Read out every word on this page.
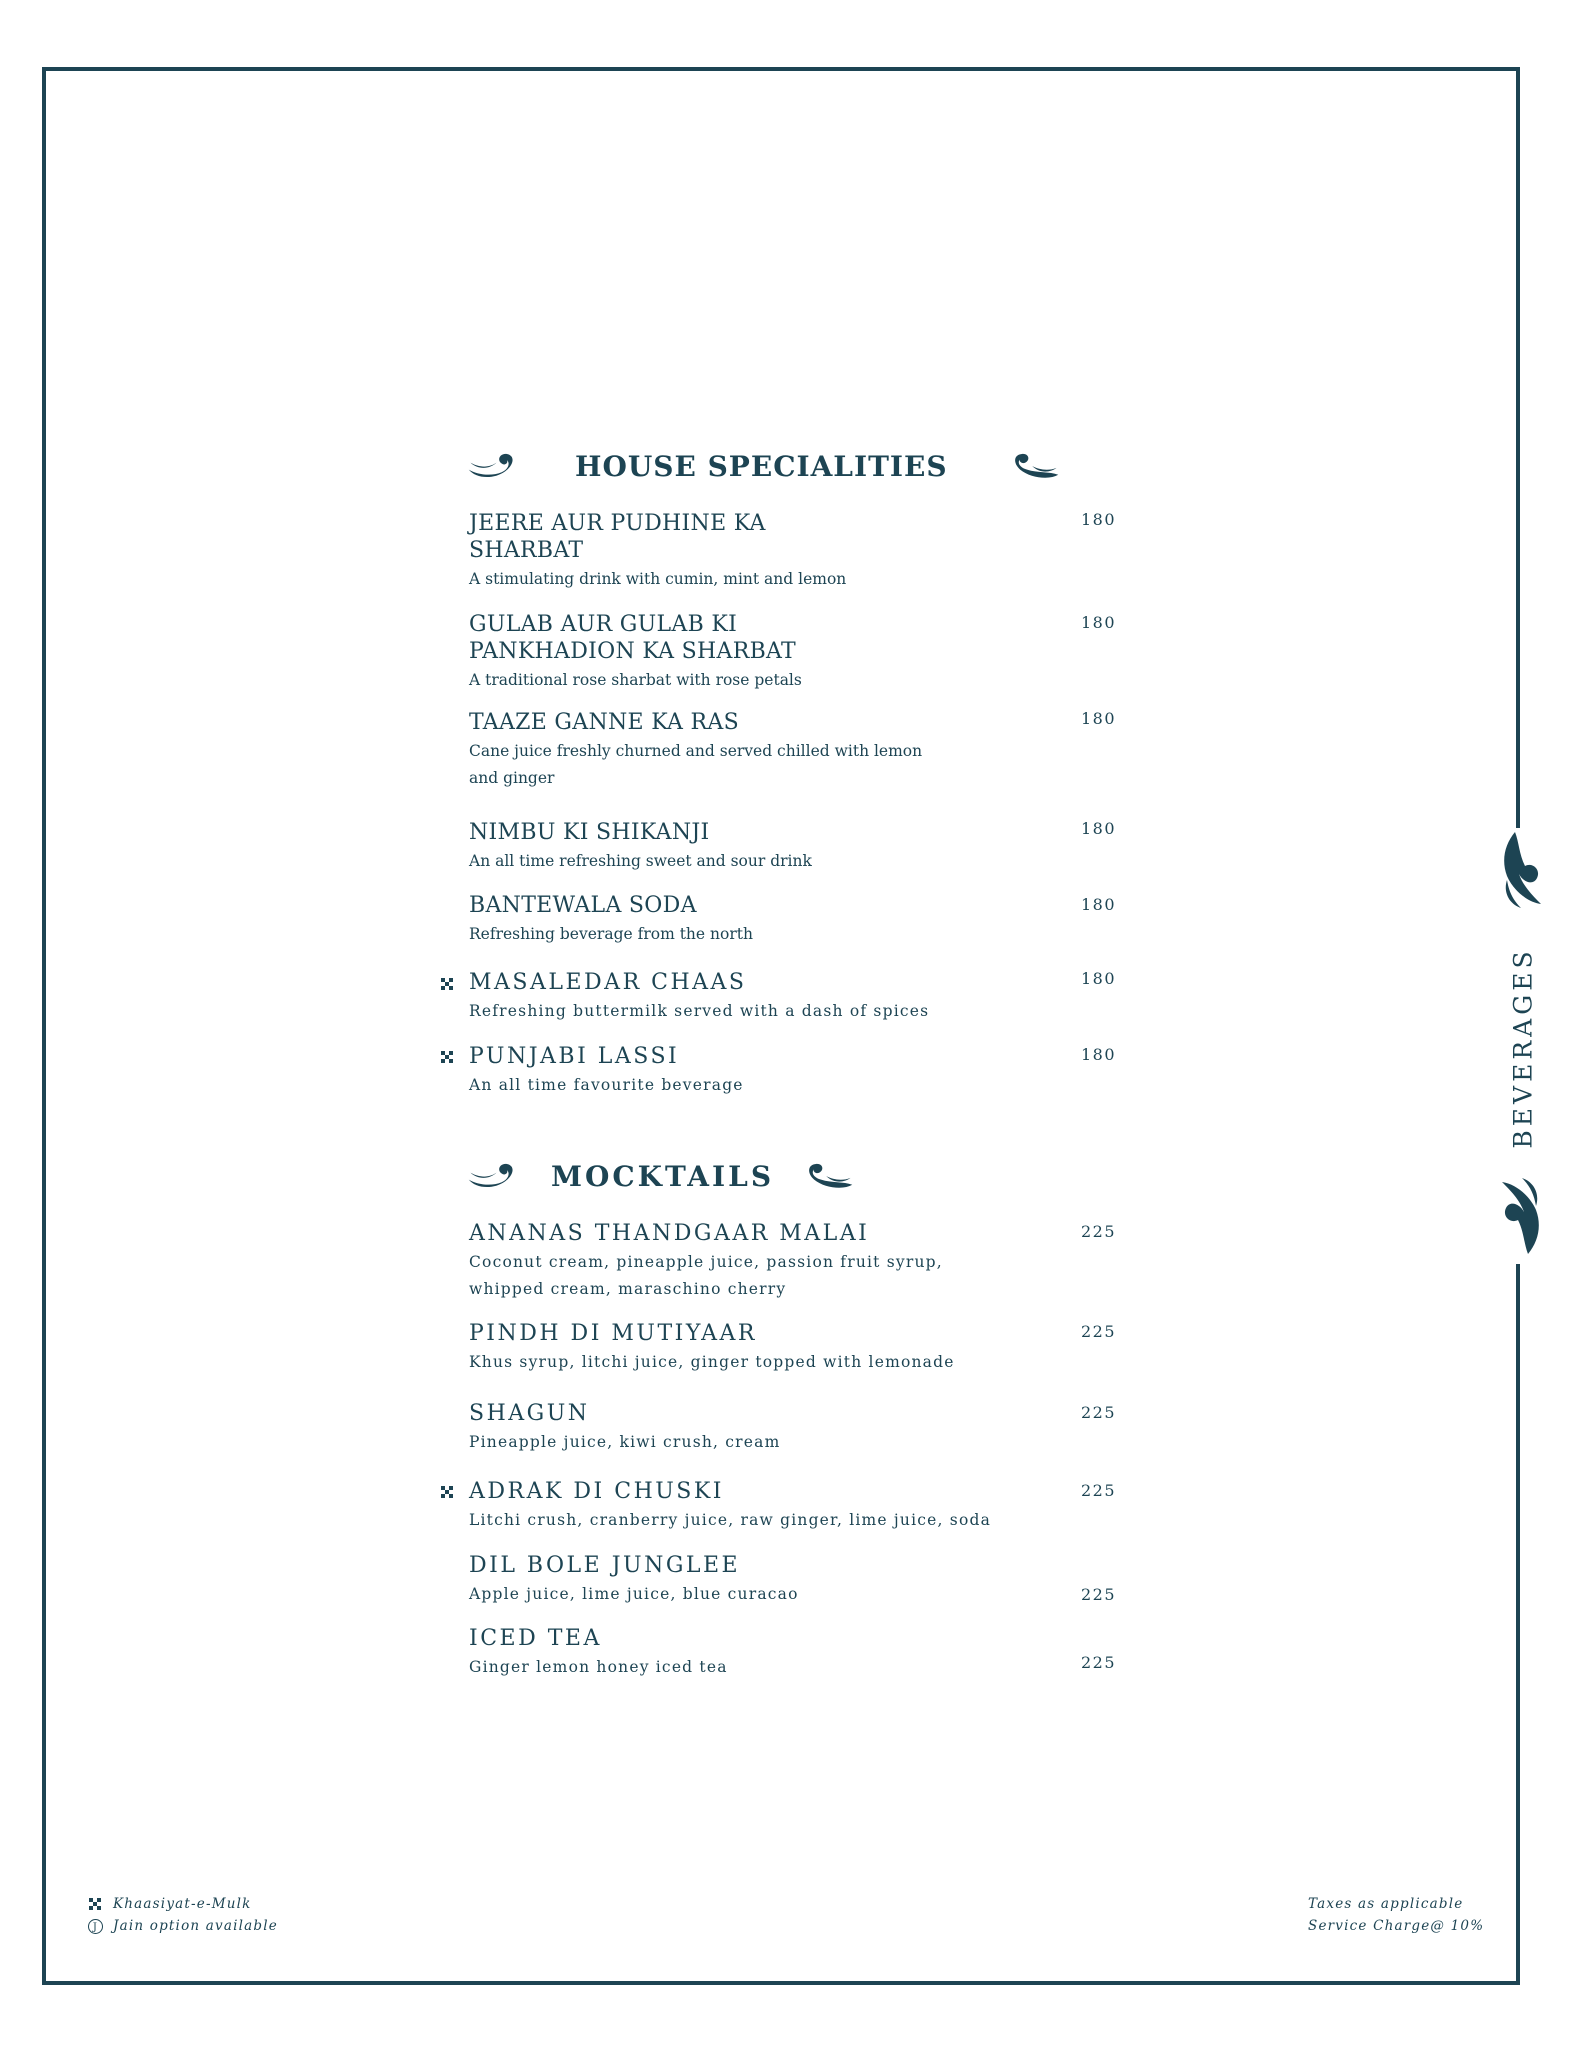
BEVERAGES
HOUSE SPECIALITIES
JEERE AUR PUDHINE KA SHARBAT
A stimulating drink with cumin, mint and lemon
180
GULAB AUR GULAB KI PANKHADION KA SHARBAT
A traditional rose sharbat with rose petals
180
TAAZE GANNE KA RAS
Cane juice freshly churned and served chilled with lemon and ginger
180
NIMBU KI SHIKANJI
An all time refreshing sweet and sour drink
180
BANTEWALA SODA
Refreshing beverage from the north
180
MASALEDAR CHAAS
Refreshing buttermilk served with a dash of spices
180
PUNJABI LASSI
An all time favourite beverage
180
MOCKTAILS
ANANAS THANDGAAR MALAI
Coconut cream, pineapple juice, passion fruit syrup, whipped cream, maraschino cherry
225
PINDH DI MUTIYAAR
Khus syrup, litchi juice, ginger topped with lemonade
225
SHAGUN
Pineapple juice, kiwi crush, cream
225
ADRAK DI CHUSKI
Litchi crush, cranberry juice, raw ginger, lime juice, soda
225
DIL BOLE JUNGLEE
Apple juice, lime juice, blue curacao	225
ICED TEA
Ginger lemon honey iced tea	225
Khaasiyat-e-Mulk
J	Jain option available
Taxes as applicable
Service Charge@ 10%
